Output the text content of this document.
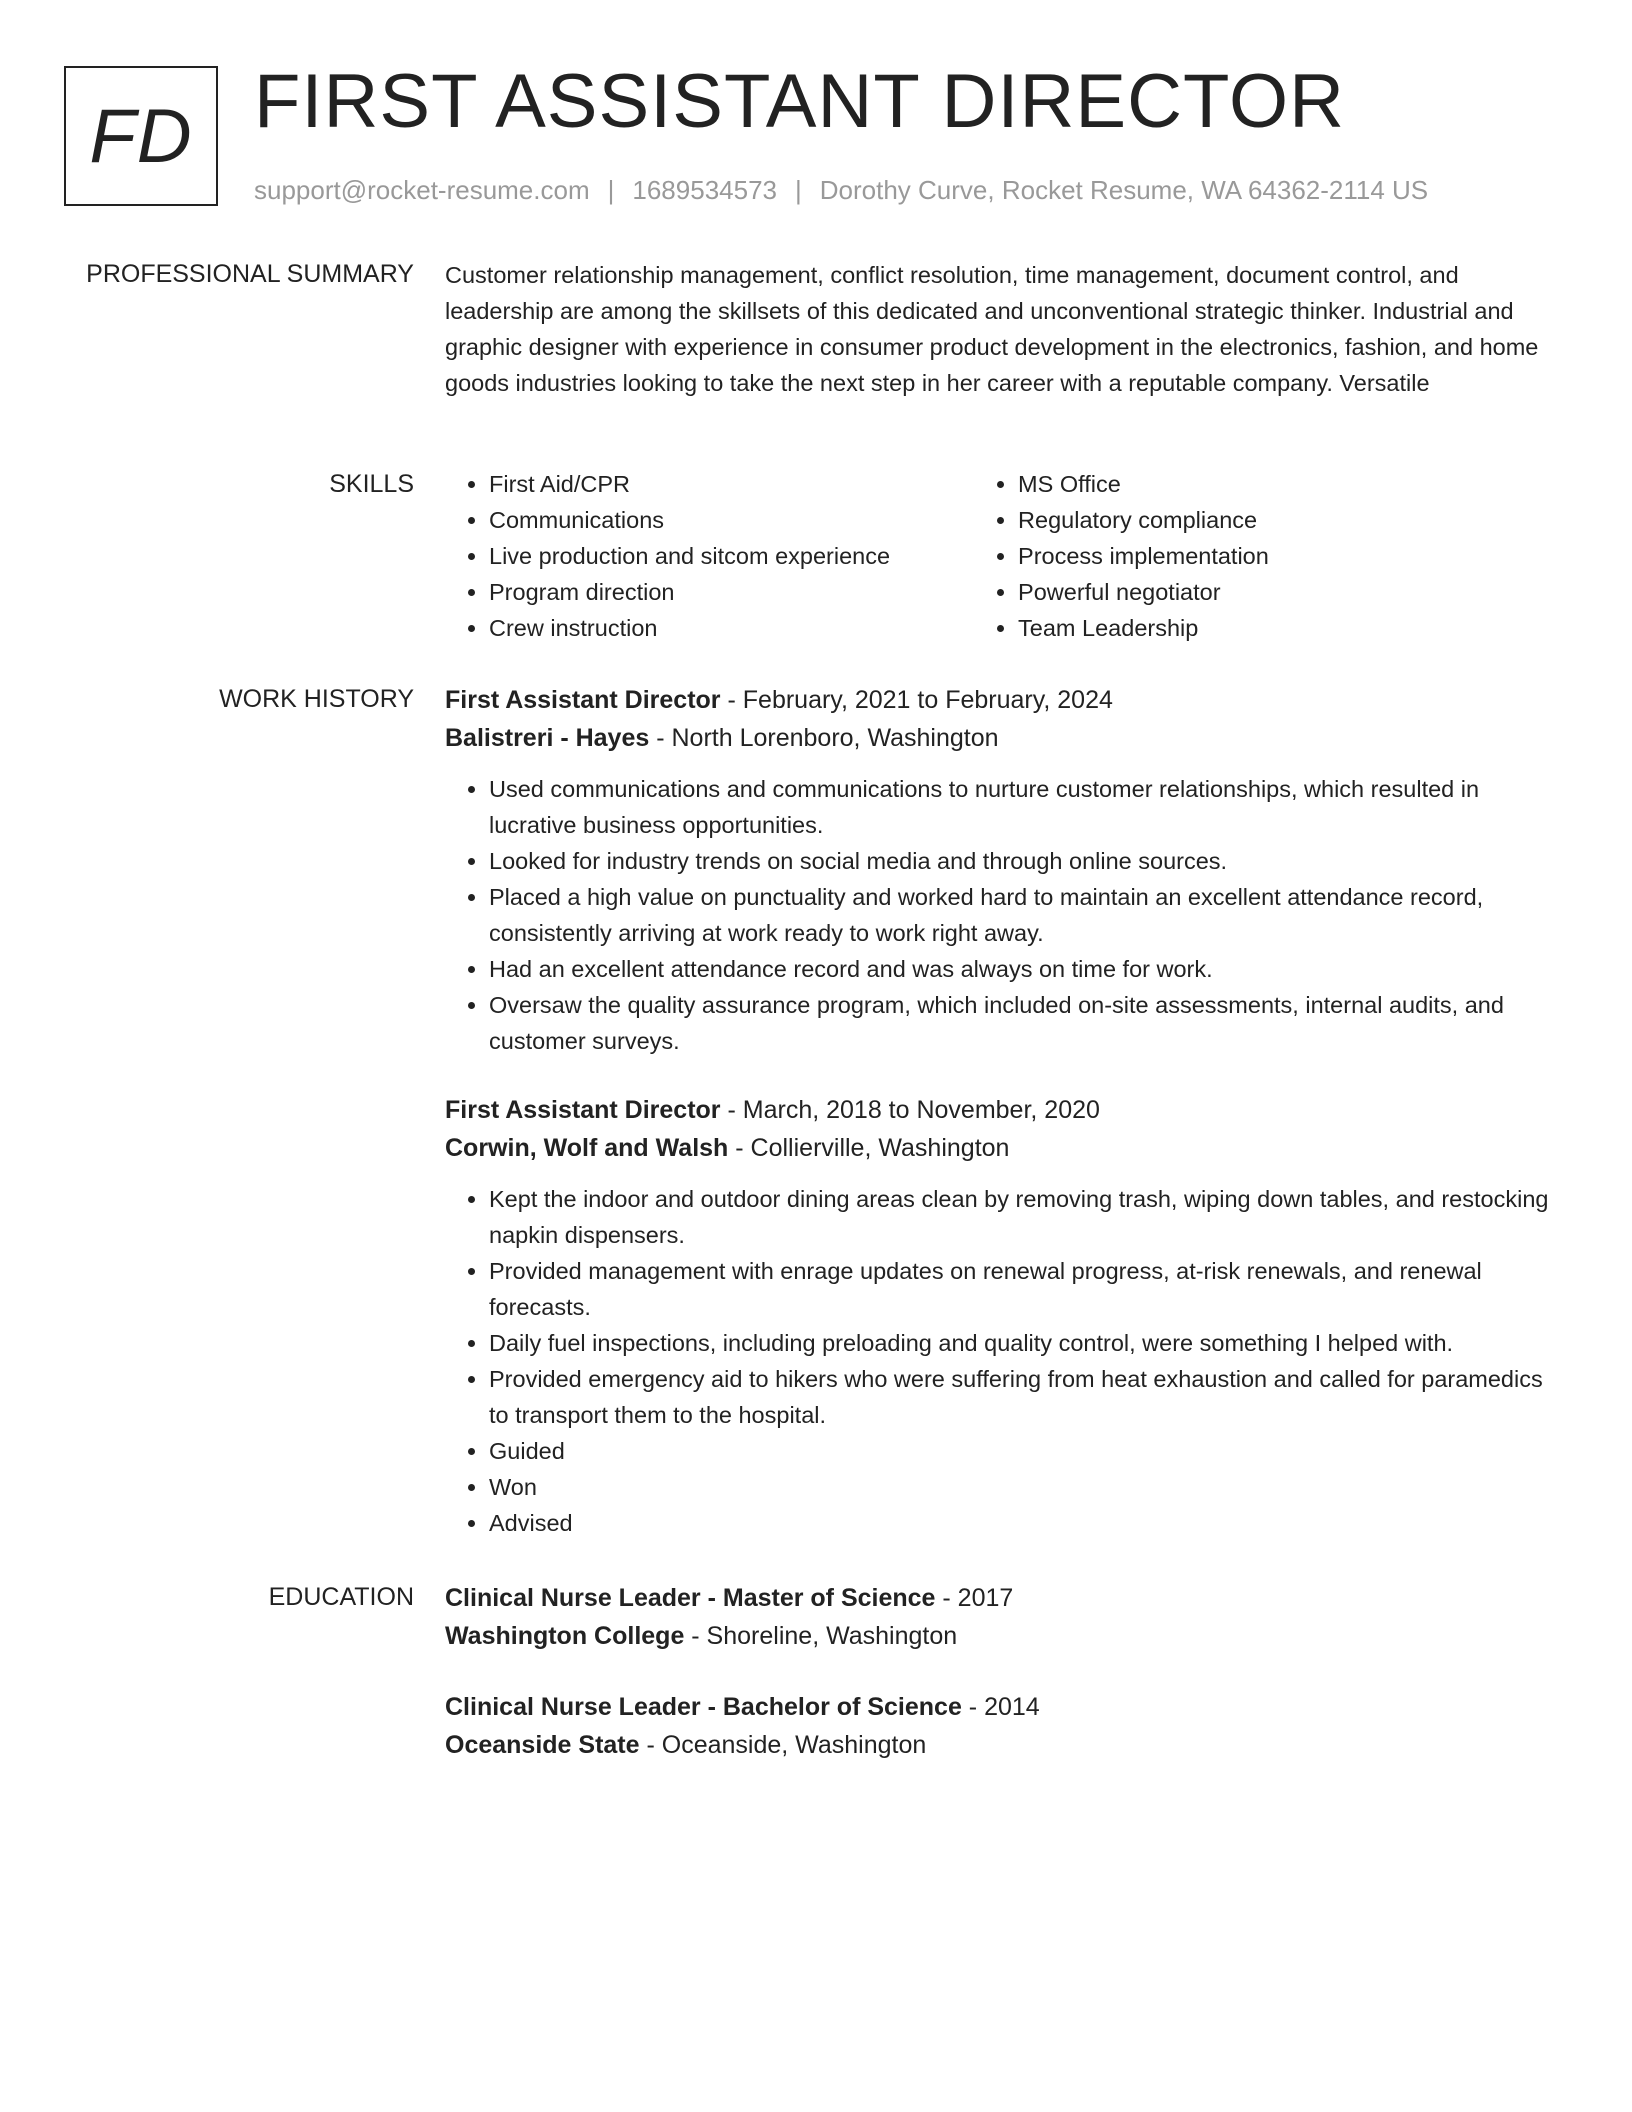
FD FIRST ASSISTANT DIRECTOR
support@rocket-resume.com | 1689534573 | Dorothy Curve, Rocket Resume, WA 64362-2114 US
PROFESSIONAL SUMMARY Customer relationship management, conflict resolution, time management, document control, and leadership are among the skillsets of this dedicated and unconventional strategic thinker. Industrial and graphic designer with experience in consumer product development in the electronics, fashion, and home goods industries looking to take the next step in her career with a reputable company. Versatile

SKILLS
•	First Aid/CPR
• Communications
• Live production and sitcom experience
• Program direction
• Crew instruction
• MS Office
• Regulatory compliance
• Process implementation
• Powerful negotiator
• Team Leadership
WORK HISTORY First Assistant Director - February, 2021 to February, 2024
Balistreri - Hayes - North Lorenboro, Washington
• Used communications and communications to nurture customer relationships, which resulted in lucrative business opportunities.
• Looked for industry trends on social media and through online sources.
• Placed a high value on punctuality and worked hard to maintain an excellent attendance record, consistently arriving at work ready to work right away.
• Had an excellent attendance record and was always on time for work.
• Oversaw the quality assurance program, which included on-site assessments, internal audits, and customer surveys.
First Assistant Director - March, 2018 to November, 2020
Corwin, Wolf and Walsh - Collierville, Washington
• Kept the indoor and outdoor dining areas clean by removing trash, wiping down tables, and restocking napkin dispensers.
• Provided management with enrage updates on renewal progress, at-risk renewals, and renewal forecasts.
• Daily fuel inspections, including preloading and quality control, were something I helped with.
• Provided emergency aid to hikers who were suffering from heat exhaustion and called for paramedics to transport them to the hospital.
• Guided
• Won
• Advised
EDUCATION Clinical Nurse Leader - Master of Science - 2017
Washington College - Shoreline, Washington
Clinical Nurse Leader - Bachelor of Science - 2014
Oceanside State - Oceanside, Washington
